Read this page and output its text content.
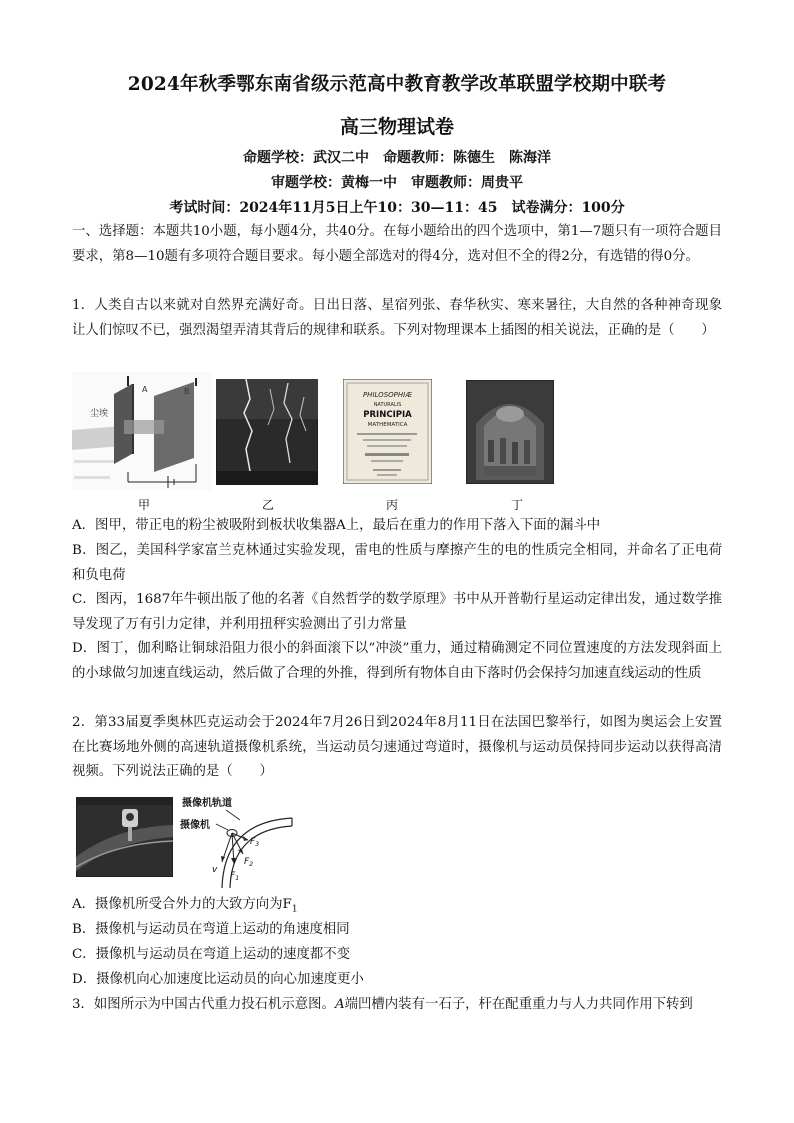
2024年秋季鄂东南省级示范高中教育教学改革联盟学校期中联考
高三物理试卷
命题学校：武汉二中　命题教师：陈德生　陈海洋
审题学校：黄梅一中　审题教师：周贵平
考试时间：2024年11月5日上午10：30—11：45　试卷满分：100分
一、选择题：本题共10小题，每小题4分，共40分。在每小题给出的四个选项中，第1—7题只有一项符合题目要求，第8—10题有多项符合题目要求。每小题全部选对的得4分，选对但不全的得2分，有选错的得0分。
1．人类自古以来就对自然界充满好奇。日出日落、星宿列张、春华秋实、寒来暑往，大自然的各种神奇现象让人们惊叹不已，强烈渴望弄清其背后的规律和联系。下列对物理课本上插图的相关说法，正确的是（　　）
尘埃
A	B
甲	乙
PHILOSOPHIÆ
NATURALIS
PRINCIPIA
MATHEMATICA
丙	丁
A．图甲，带正电的粉尘被吸附到板状收集器A上，最后在重力的作用下落入下面的漏斗中
B．图乙，美国科学家富兰克林通过实验发现，雷电的性质与摩擦产生的电的性质完全相同，并命名了正电荷和负电荷
C．图丙，1687年牛顿出版了他的名著《自然哲学的数学原理》书中从开普勒行星运动定律出发，通过数学推导发现了万有引力定律，并利用扭秤实验测出了引力常量
D．图丁，伽利略让铜球沿阻力很小的斜面滚下以“冲淡”重力，通过精确测定不同位置速度的方法发现斜面上的小球做匀加速直线运动，然后做了合理的外推，得到所有物体自由下落时仍会保持匀加速直线运动的性质
2．第33届夏季奥林匹克运动会于2024年7月26日到2024年8月11日在法国巴黎举行，如图为奥运会上安置在比赛场地外侧的高速轨道摄像机系统，当运动员匀速通过弯道时，摄像机与运动员保持同步运动以获得高清视频。下列说法正确的是（　　）
摄像机轨道
摄像机
$F_3$
$F_2$
$F_1$
v
A．摄像机所受合外力的大致方向为$F_1$
B．摄像机与运动员在弯道上运动的角速度相同
C．摄像机与运动员在弯道上运动的速度都不变
D．摄像机向心加速度比运动员的向心加速度更小
3．如图所示为中国古代重力投石机示意图。A端凹槽内装有一石子，杆在配重重力与人力共同作用下转到
